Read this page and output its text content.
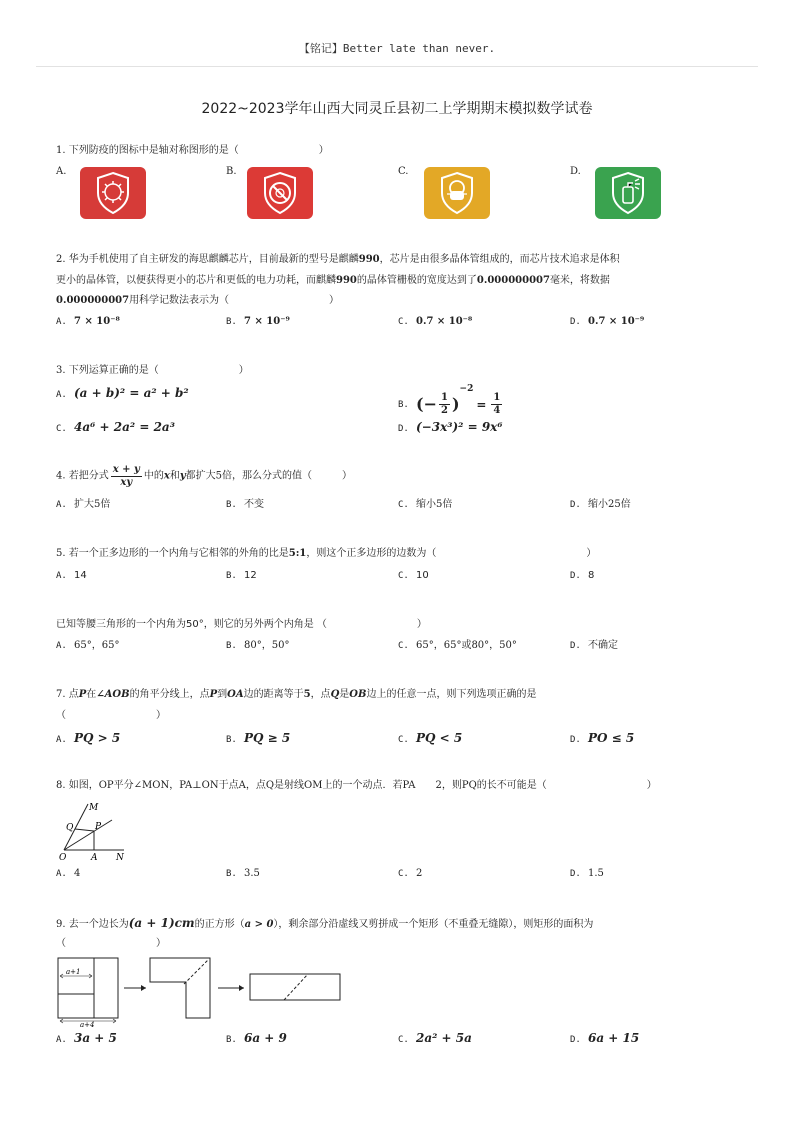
【铭记】Better late than never.
2022~2023学年山西大同灵丘县初二上学期期末模拟数学试卷
1. 下列防疫的图标中是轴对称图形的是（　　　　　　　　）
A.	B.	C.	D.
2. 华为手机使用了自主研发的海思麒麟芯片，目前最新的型号是麒麟990，芯片是由很多晶体管组成的，而芯片技术追求是体积
更小的晶体管，以便获得更小的芯片和更低的电力功耗，而麒麟990的晶体管栅极的宽度达到了0.000000007毫米，将数据
0.000000007用科学记数法表示为（　　　　　　　　　　）
A. 7 × 10⁻⁸	B. 7 × 10⁻⁹	C. 0.7 × 10⁻⁸	D. 0.7 × 10⁻⁹
3. 下列运算正确的是（　　　　　　　　）
A. (a + b)² = a² + b²
B. (− $\frac{1}{2} )^{-2}= \frac{1}{4}$
C. 4a⁶ + 2a² = 2a³	D. (−3x³)² = 9x⁶
4. 若把分式 $\frac{x + y}{xy}$ 中的x和y都扩大5倍，那么分式的值（　　　）
A. 扩大5倍	B. 不变	C. 缩小5倍	D. 缩小25倍
5. 若一个正多边形的一个内角与它相邻的外角的比是5:1，则这个正多边形的边数为（　　　　　　　　　　　　　　　）
A. 14	B. 12	C. 10	D. 8
已知等腰三角形的一个内角为50°，则它的另外两个内角是 （　　　　　　　　　）
A. 65°，65°	B. 80°，50°	C. 65°，65°或80°，50°	D. 不确定
7. 点P在∠AOB的角平分线上，点P到OA边的距离等于5，点Q是OB边上的任意一点，则下列选项正确的是
（　　　　　　　　　）
A. PQ > 5	B. PQ ≥ 5	C. PQ < 5	D. PO ≤ 5
8. 如图，OP平分∠MON，PA⊥ON于点A，点Q是射线OM上的一个动点．若PA　　2，则PQ的长不可能是（　　　　　　　　　　）
M
Q P
O	A N
A. 4	B. 3.5	C. 2	D. 1.5
9. 去一个边长为(a + 1)cm的正方形（a > 0），剩余部分沿虚线又剪拼成一个矩形（不重叠无缝隙），则矩形的面积为
（　　　　　　　　　）
a+1
a+4
A. 3a + 5	B. 6a + 9	C. 2a² + 5a	D. 6a + 15
